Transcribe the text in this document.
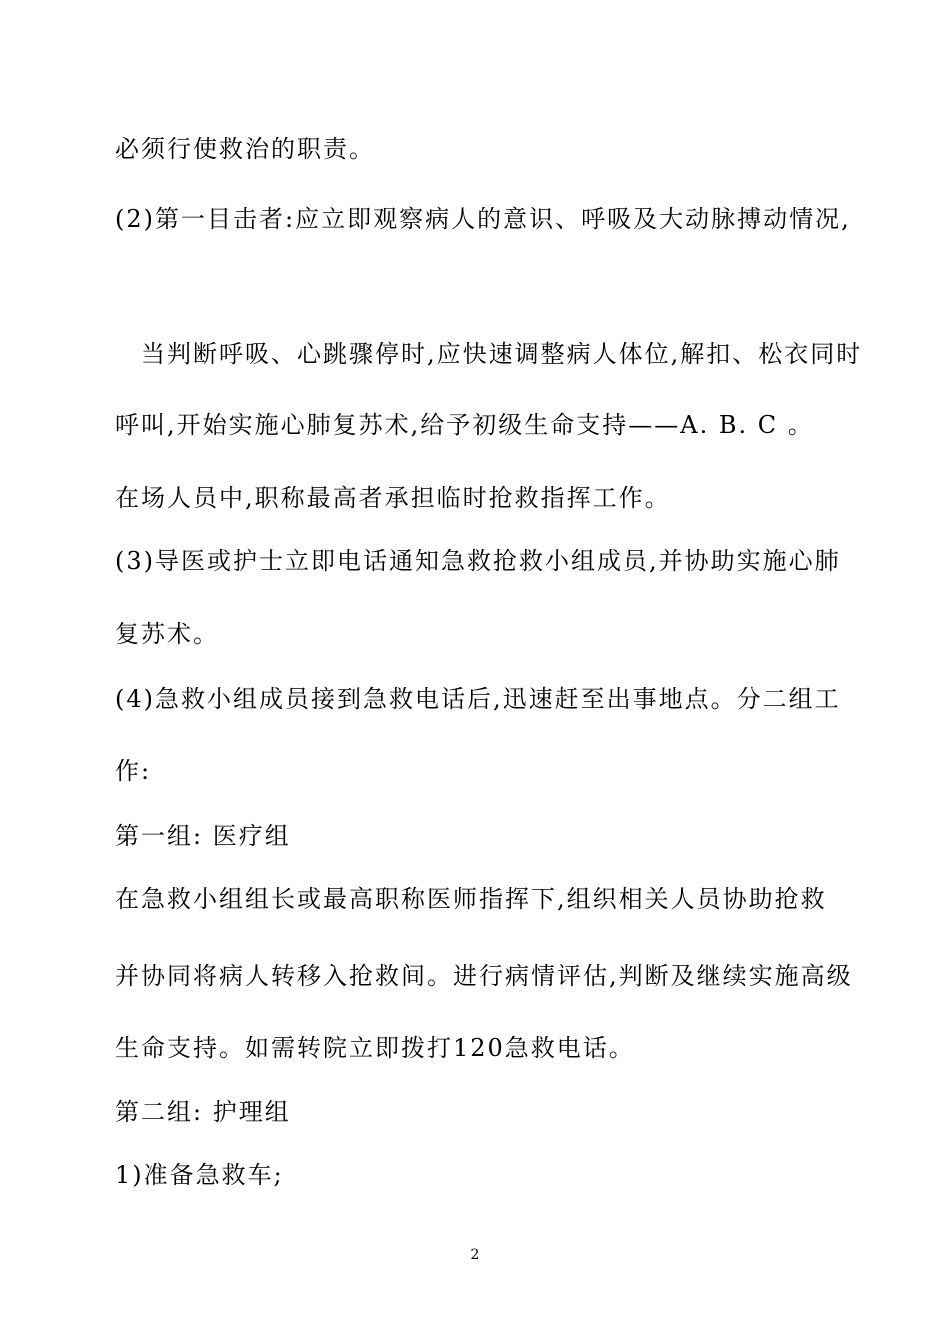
必须行使救治的职责。
(2)第一目击者:应立即观察病人的意识、呼吸及大动脉搏动情况,
当判断呼吸、心跳骤停时,应快速调整病人体位,解扣、松衣同时
呼叫,开始实施心肺复苏术,给予初级生命支持——A. B. C 。
在场人员中,职称最高者承担临时抢救指挥工作。
(3)导医或护士立即电话通知急救抢救小组成员,并协助实施心肺
复苏术。
(4)急救小组成员接到急救电话后,迅速赶至出事地点。分二组工
作:
第一组: 医疗组
在急救小组组长或最高职称医师指挥下,组织相关人员协助抢救
并协同将病人转移入抢救间。进行病情评估,判断及继续实施高级
生命支持。如需转院立即拨打120急救电话。
第二组: 护理组
1)准备急救车;
2
